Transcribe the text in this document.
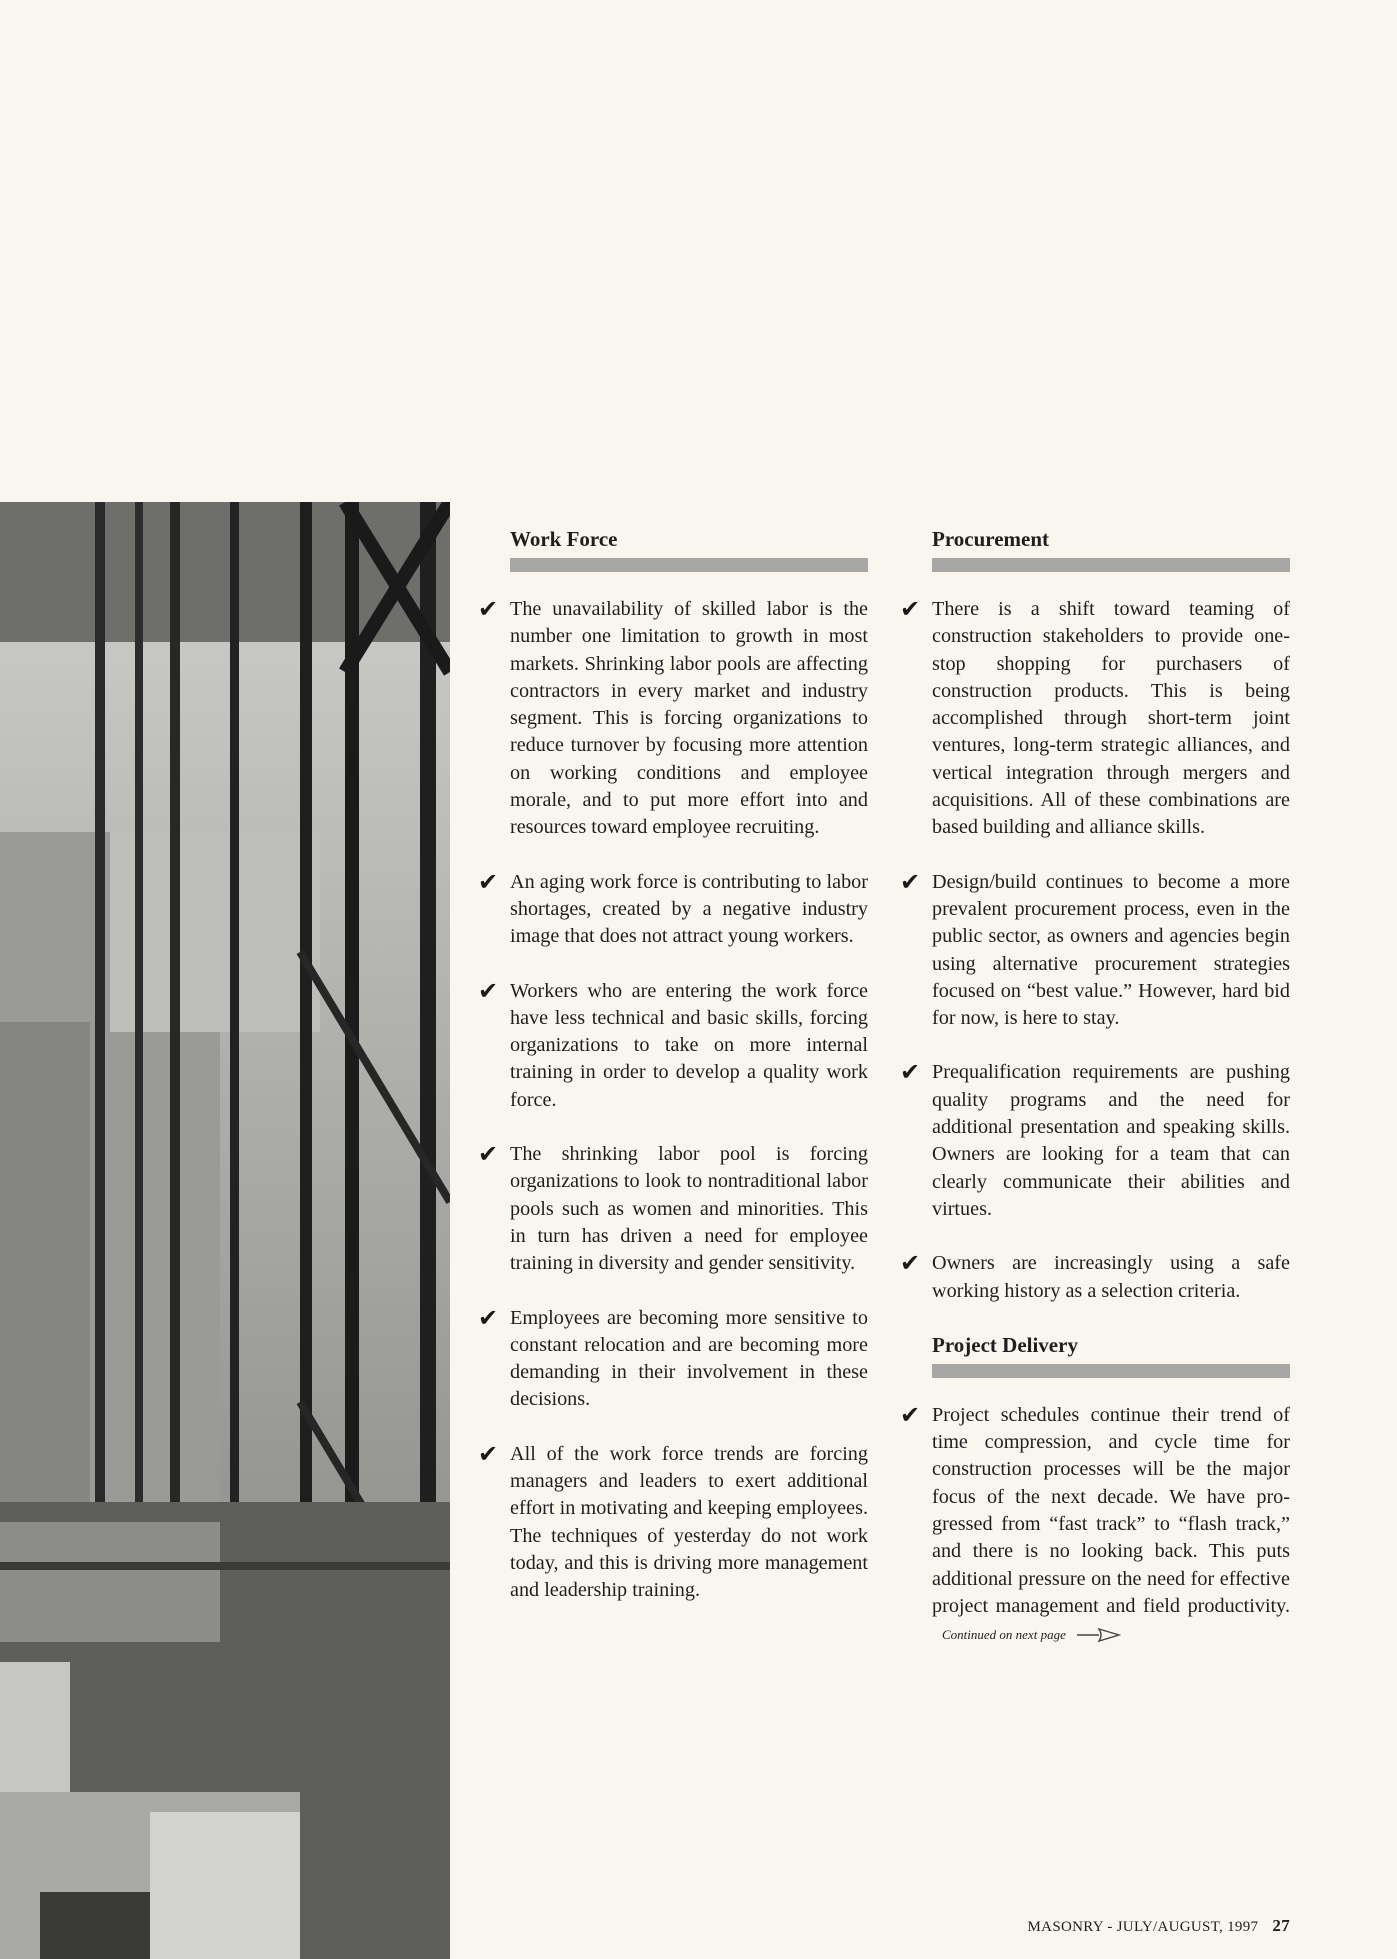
Work Force
✔ The unavailability of skilled labor is the number one limitation to growth in most markets. Shrinking labor pools are affecting contractors in every market and industry segment. This is forcing organizations to reduce turnover by focusing more attention on working conditions and employee morale, and to put more effort into and resources toward employee recruiting.

✔ An aging work force is contributing to labor shortages, created by a negative industry image that does not attract young workers.

✔ Workers who are entering the work force have less technical and basic skills, forcing organizations to take on more internal training in order to develop a quality work force.

✔ The shrinking labor pool is forcing organizations to look to nontraditional labor pools such as women and minorities. This in turn has driven a need for employee training in diversity and gender sensitivity.

✔ Employees are becoming more sensitive to constant relocation and are becoming more demanding in their involvement in these decisions.

✔ All of the work force trends are forcing managers and leaders to exert additional effort in motivating and keeping employees. The techniques of yesterday do not work today, and this is driving more management and leadership training.

Procurement
✔ There is a shift toward teaming of construction stakeholders to provide one-stop shopping for purchasers of construction products. This is being accomplished through short-term joint ventures, long-term strategic alliances, and vertical integration through mergers and acquisitions. All of these combinations are based building and alliance skills.

✔ Design/build continues to become a more prevalent procurement process, even in the public sector, as owners and agencies begin using alternative procurement strategies focused on “best value.” However, hard bid for now, is here to stay.

✔ Prequalification requirements are pushing quality programs and the need for additional presentation and speaking skills. Owners are looking for a team that can clearly communicate their abilities and virtues.

✔ Owners are increasingly using a safe working history as a selection criteria.

Project Delivery
✔ Project schedules continue their trend of time compression, and cycle time for construction processes will be the major focus of the next decade. We have progressed from “fast track” to “flash track,” and there is no looking back. This puts additional pressure on the need for effective project management and field productivity. Continued on next page

MASONRY - JULY/AUGUST, 1997 27
